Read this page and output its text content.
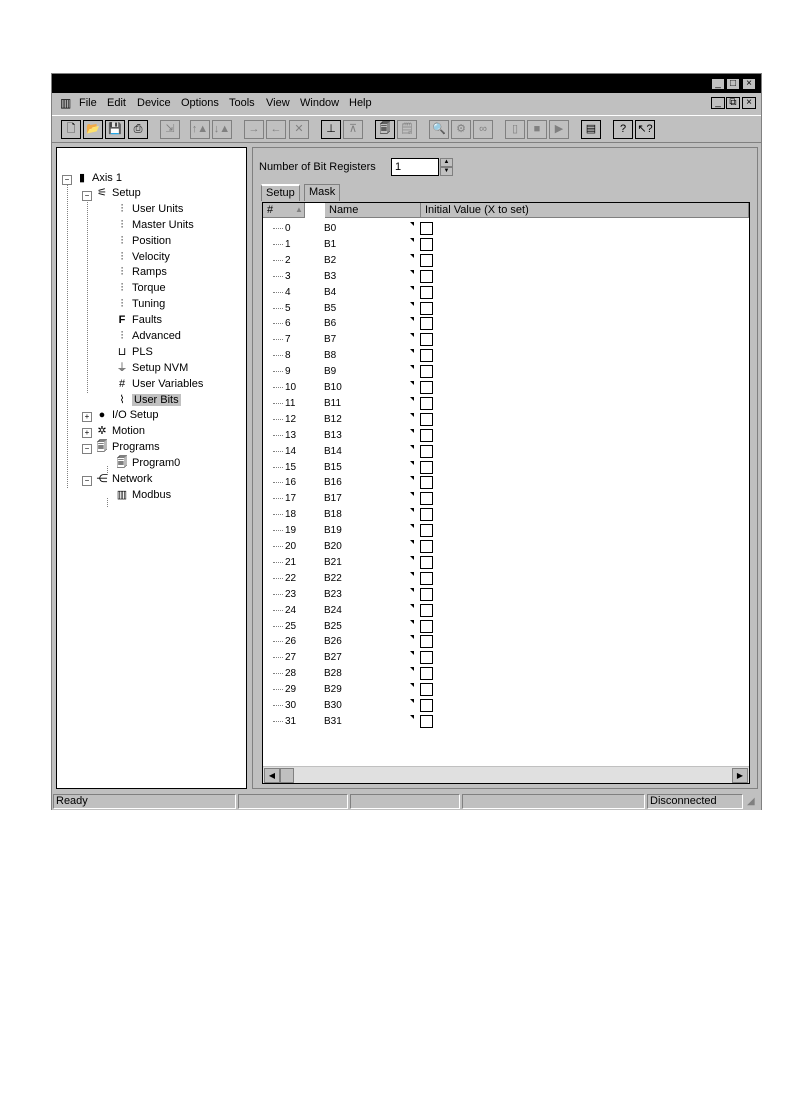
_ □	×
▥ File Edit Device Options Tools View Window Help	_ ⧉ ×
🗋 📂 💾	⎙	⇲	↑▲ ↓▲	→	←	✕	⊥	⊼	🗐 🗒 🔍 ⚙	∞	▯	■	▶	▤	?	↖?
− ▮ Axis 1
− ⚟ Setup
⫶ User Units
⫶ Master Units
⫶ Position
⫶ Velocity
⫶ Ramps
⫶ Torque
⫶ Tuning
F Faults
⫶ Advanced
⊔ PLS
⏚ Setup NVM
# User Variables
⌇ User Bits
+ ● I/O Setup
+ ✲ Motion
− 🗐 Programs
🗐 Program0
− ⋲ Network
▥ Modbus
Number of Bit Registers	1	▲
▼
Setup	Mask
#	▲	Name	Initial Value (X to set)
0	B0
1	B1
2	B2
3	B3
4	B4
5	B5
6	B6
7	B7
8	B8
9	B9
10	B10
11	B11
12	B12
13	B13
14	B14
15	B15
16	B16
17	B17
18	B18
19	B19
20	B20
21	B21
22	B22
23	B23
24	B24
25	B25
26	B26
27	B27
28	B28
29	B29
30	B30
31	B31
◀	▶
Ready	Disconnected	◢
